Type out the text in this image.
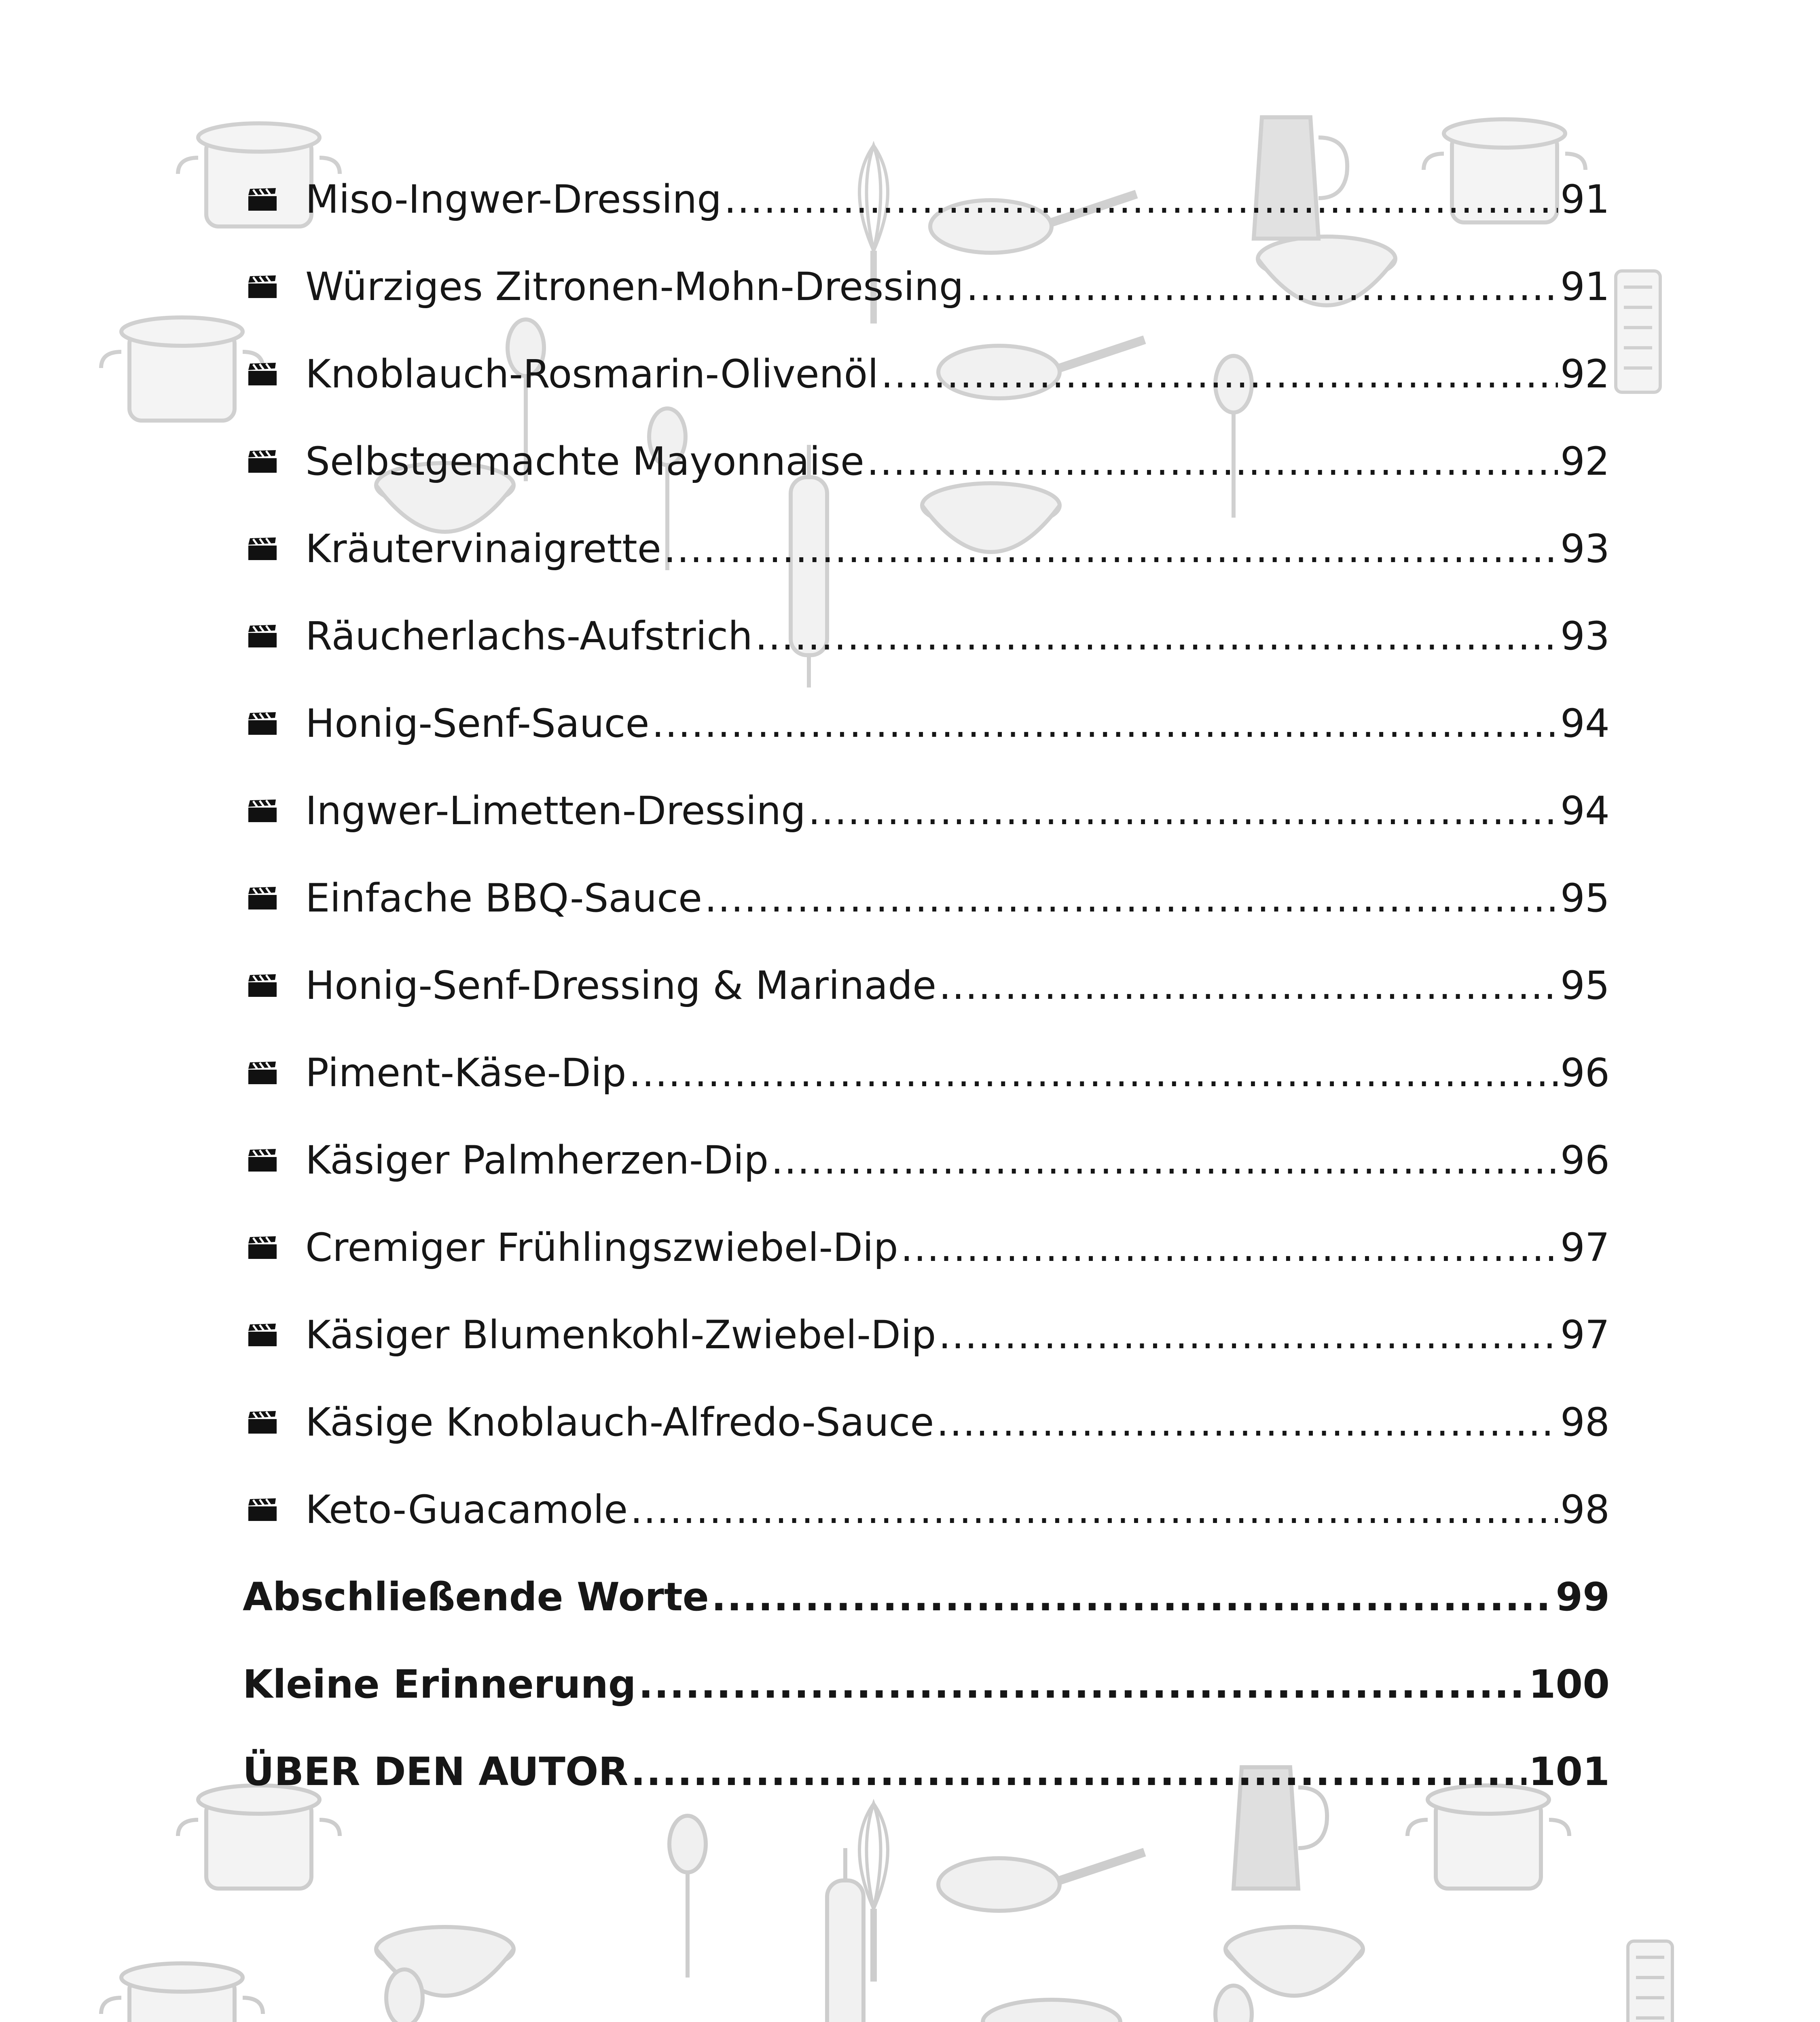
Miso-Ingwer-Dressing .....	91
Würziges Zitronen-Mohn-Dressing .....	91
Knoblauch-Rosmarin-Olivenöl .....	92
Selbstgemachte Mayonnaise .....	92
Kräutervinaigrette .....	93
Räucherlachs-Aufstrich .....	93
Honig-Senf-Sauce .....	94
Ingwer-Limetten-Dressing .....	94
Einfache BBQ-Sauce .....	95
Honig-Senf-Dressing & Marinade .....	95
Piment-Käse-Dip .....	96
Käsiger Palmherzen-Dip .....	96
Cremiger Frühlingszwiebel-Dip .....	97
Käsiger Blumenkohl-Zwiebel-Dip .....	97
Käsige Knoblauch-Alfredo-Sauce .....	98
Keto-Guacamole .....	98
Abschließende Worte .....	99
Kleine Erinnerung .....	100
ÜBER DEN AUTOR .....	101
